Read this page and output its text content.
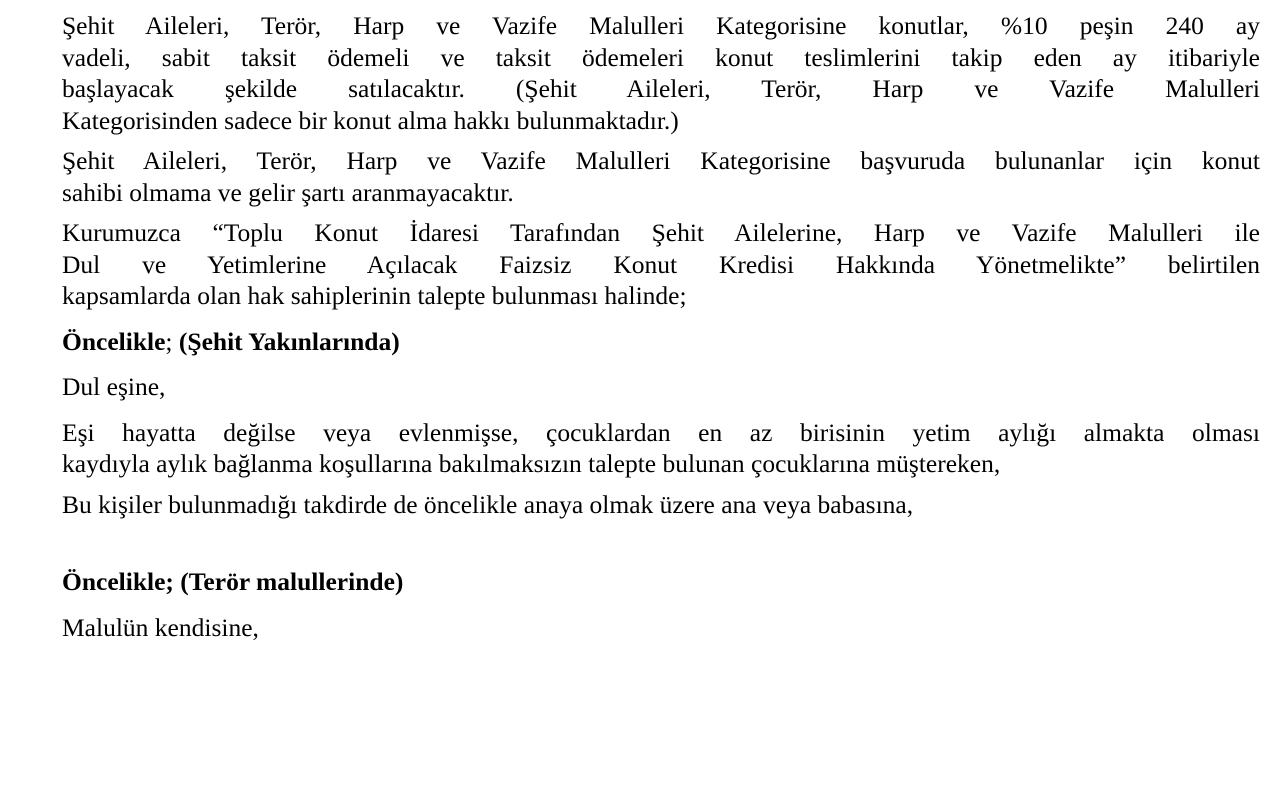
Şehit Aileleri, Terör, Harp ve Vazife Malulleri Kategorisine konutlar, %10 peşin 240 ay
vadeli, sabit taksit ödemeli ve taksit ödemeleri konut teslimlerini takip eden ay itibariyle
başlayacak şekilde satılacaktır. (Şehit Aileleri, Terör, Harp ve Vazife Malulleri
Kategorisinden sadece bir konut alma hakkı bulunmaktadır.)

Şehit Aileleri, Terör, Harp ve Vazife Malulleri Kategorisine başvuruda bulunanlar için konut
sahibi olmama ve gelir şartı aranmayacaktır.

Kurumuzca “Toplu Konut İdaresi Tarafından Şehit Ailelerine, Harp ve Vazife Malulleri ile
Dul ve Yetimlerine Açılacak Faizsiz Konut Kredisi Hakkında Yönetmelikte” belirtilen
kapsamlarda olan hak sahiplerinin talepte bulunması halinde;

Öncelikle; (Şehit Yakınlarında)

Dul eşine,

Eşi hayatta değilse veya evlenmişse, çocuklardan en az birisinin yetim aylığı almakta olması
kaydıyla aylık bağlanma koşullarına bakılmaksızın talepte bulunan çocuklarına müştereken,

Bu kişiler bulunmadığı takdirde de öncelikle anaya olmak üzere ana veya babasına,

Öncelikle; (Terör malullerinde)

Malulün kendisine,
